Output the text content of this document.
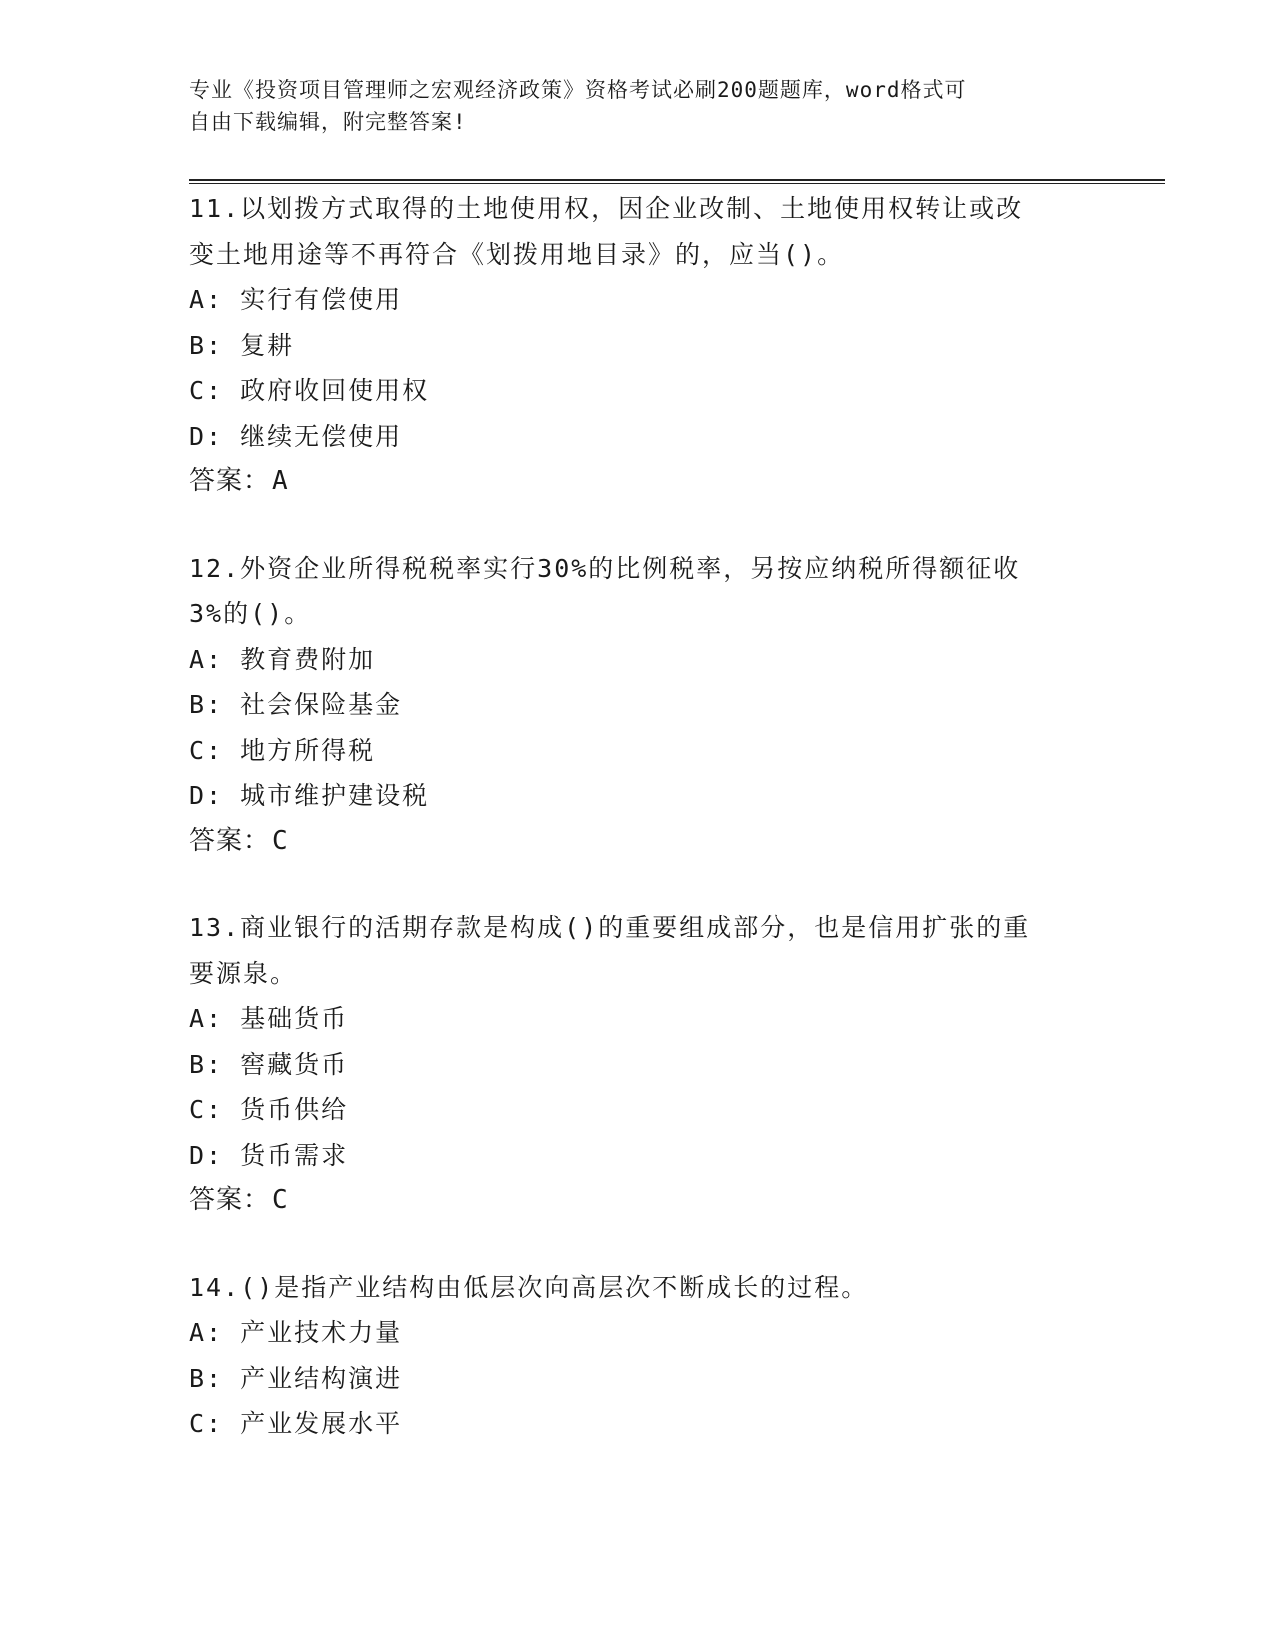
专业《投资项目管理师之宏观经济政策》资格考试必刷200题题库，word格式可
自由下载编辑，附完整答案!
11.以划拨方式取得的土地使用权，因企业改制、土地使用权转让或改
变土地用途等不再符合《划拨用地目录》的，应当()。
A: 实行有偿使用
B: 复耕
C: 政府收回使用权
D: 继续无偿使用
答案：A
12.外资企业所得税税率实行30%的比例税率，另按应纳税所得额征收
3%的()。
A: 教育费附加
B: 社会保险基金
C: 地方所得税
D: 城市维护建设税
答案：C
13.商业银行的活期存款是构成()的重要组成部分，也是信用扩张的重
要源泉。
A: 基础货币
B: 窖藏货币
C: 货币供给
D: 货币需求
答案：C
14.()是指产业结构由低层次向高层次不断成长的过程。
A: 产业技术力量
B: 产业结构演进
C: 产业发展水平
